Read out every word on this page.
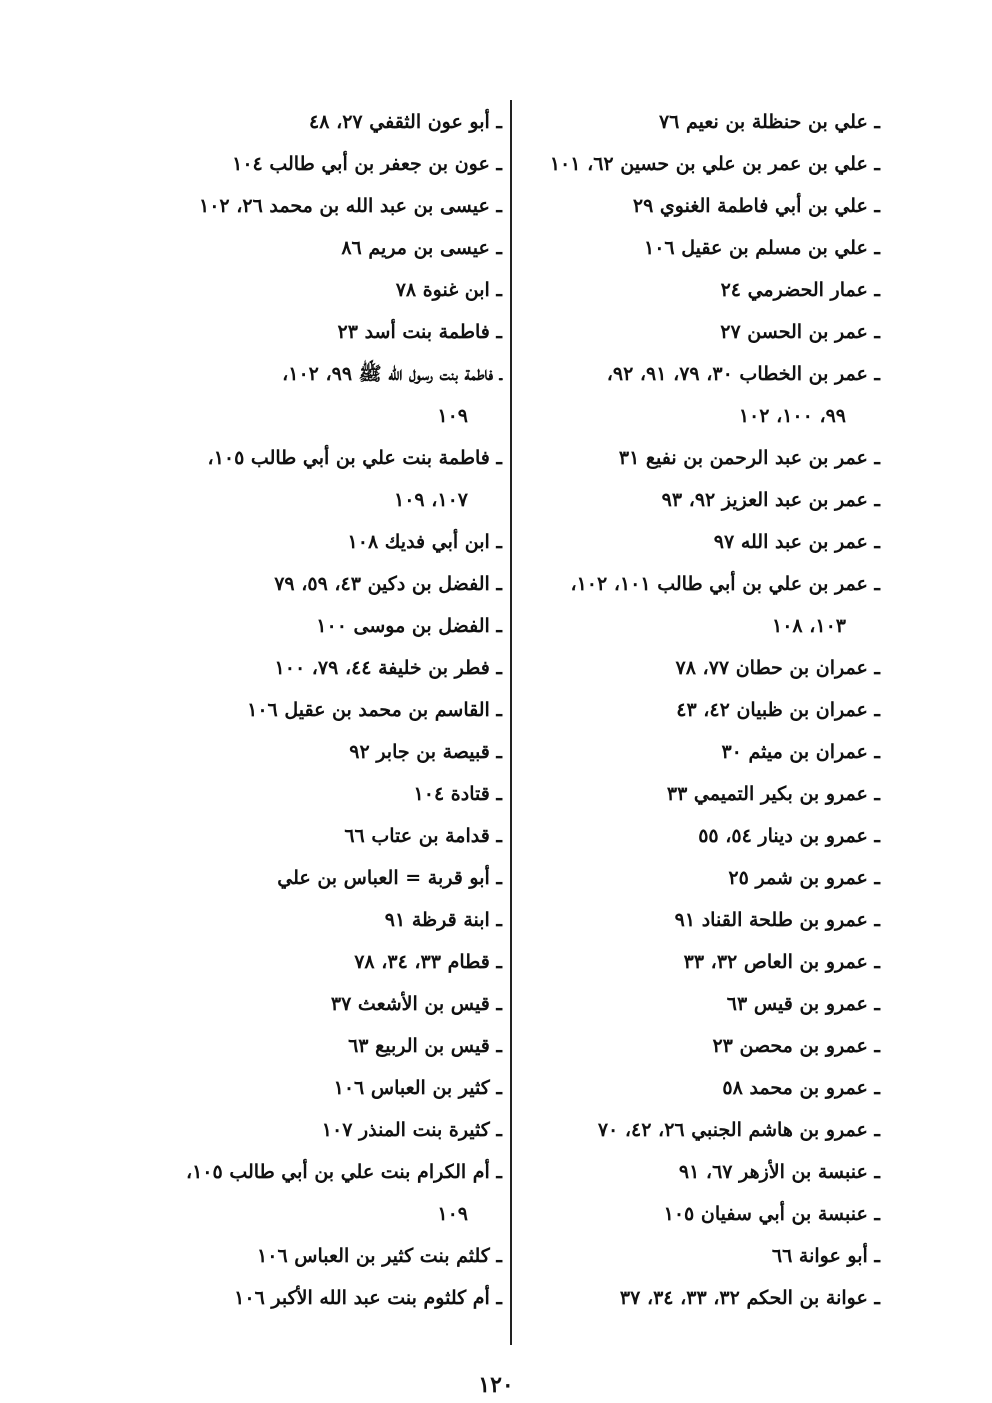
ـ علي بن حنظلة بن نعيم ٧٦
ـ علي بن عمر بن علي بن حسين ٦٢، ١٠١
ـ علي بن أبي فاطمة الغنوي ٢٩
ـ علي بن مسلم بن عقيل ١٠٦
ـ عمار الحضرمي ٢٤
ـ عمر بن الحسن ٢٧
ـ عمر بن الخطاب ٣٠، ٧٩، ٩١، ٩٢،
٩٩، ١٠٠، ١٠٢
ـ عمر بن عبد الرحمن بن نفيع ٣١
ـ عمر بن عبد العزيز ٩٢، ٩٣
ـ عمر بن عبد الله ٩٧
ـ عمر بن علي بن أبي طالب ١٠١، ١٠٢،
١٠٣، ١٠٨
ـ عمران بن حطان ٧٧، ٧٨
ـ عمران بن ظبيان ٤٢، ٤٣
ـ عمران بن ميثم ٣٠
ـ عمرو بن بكير التميمي ٣٣
ـ عمرو بن دينار ٥٤، ٥٥
ـ عمرو بن شمر ٢٥
ـ عمرو بن طلحة القناد ٩١
ـ عمرو بن العاص ٣٢، ٣٣
ـ عمرو بن قيس ٦٣
ـ عمرو بن محصن ٢٣
ـ عمرو بن محمد ٥٨
ـ عمرو بن هاشم الجنبي ٢٦، ٤٢، ٧٠
ـ عنبسة بن الأزهر ٦٧، ٩١
ـ عنبسة بن أبي سفيان ١٠٥
ـ أبو عوانة ٦٦
ـ عوانة بن الحكم ٣٢، ٣٣، ٣٤، ٣٧
ـ أبو عون الثقفي ٢٧، ٤٨
ـ عون بن جعفر بن أبي طالب ١٠٤
ـ عيسى بن عبد الله بن محمد ٢٦، ١٠٢
ـ عيسى بن مريم ٨٦
ـ ابن غنوة ٧٨
ـ فاطمة بنت أسد ٢٣
ـ فاطمة بنت رسول الله ﷺ ٩٩، ١٠٢،
١٠٩
ـ فاطمة بنت علي بن أبي طالب ١٠٥،
١٠٧، ١٠٩
ـ ابن أبي فديك ١٠٨
ـ الفضل بن دكين ٤٣، ٥٩، ٧٩
ـ الفضل بن موسى ١٠٠
ـ فطر بن خليفة ٤٤، ٧٩، ١٠٠
ـ القاسم بن محمد بن عقيل ١٠٦
ـ قبيصة بن جابر ٩٢
ـ قتادة ١٠٤
ـ قدامة بن عتاب ٦٦
ـ أبو قربة = العباس بن علي
ـ ابنة قرظة ٩١
ـ قطام ٣٣، ٣٤، ٧٨
ـ قيس بن الأشعث ٣٧
ـ قيس بن الربيع ٦٣
ـ كثير بن العباس ١٠٦
ـ كثيرة بنت المنذر ١٠٧
ـ أم الكرام بنت علي بن أبي طالب ١٠٥،
١٠٩
ـ كلثم بنت كثير بن العباس ١٠٦
ـ أم كلثوم بنت عبد الله الأكبر ١٠٦
١٢٠
